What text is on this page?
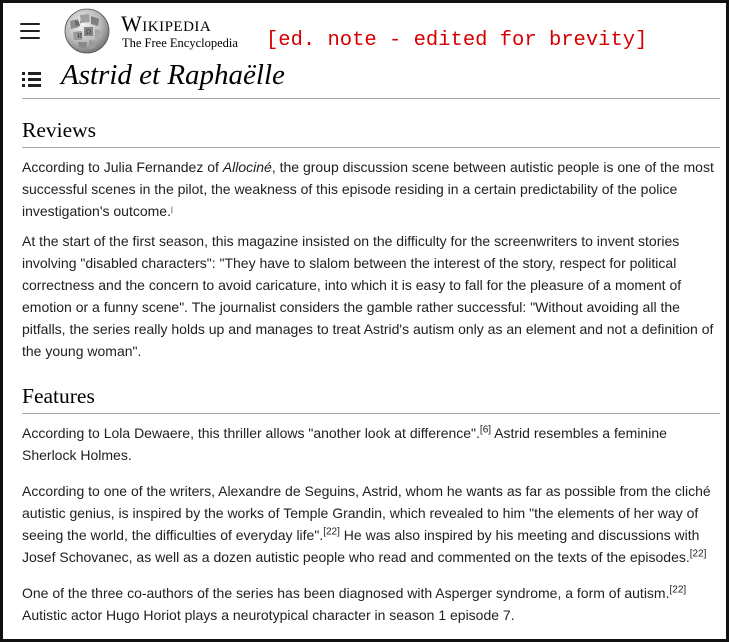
W
Ω
И
Wikipedia
The Free Encyclopedia [ed. note - edited for brevity]
Astrid et Raphaëlle
Reviews

According to Julia Fernandez of Allociné, the group discussion scene between autistic people is one of the most successful scenes in the pilot, the weakness of this episode residing in a certain predictability of the police investigation's outcome.|

At the start of the first season, this magazine insisted on the difficulty for the screenwriters to invent stories involving "disabled characters": "They have to slalom between the interest of the story, respect for political correctness and the concern to avoid caricature, into which it is easy to fall for the pleasure of a moment of emotion or a funny scene". The journalist considers the gamble rather successful: "Without avoiding all the pitfalls, the series really holds up and manages to treat Astrid's autism only as an element and not a definition of the young woman".

Features

According to Lola Dewaere, this thriller allows "another look at difference".[6] Astrid resembles a feminine Sherlock Holmes.

According to one of the writers, Alexandre de Seguins, Astrid, whom he wants as far as possible from the cliché autistic genius, is inspired by the works of Temple Grandin, which revealed to him "the elements of her way of seeing the world, the difficulties of everyday life".[22] He was also inspired by his meeting and discussions with Josef Schovanec, as well as a dozen autistic people who read and commented on the texts of the episodes.[22]

One of the three co-authors of the series has been diagnosed with Asperger syndrome, a form of autism.[22] Autistic actor Hugo Horiot plays a neurotypical character in season 1 episode 7.
